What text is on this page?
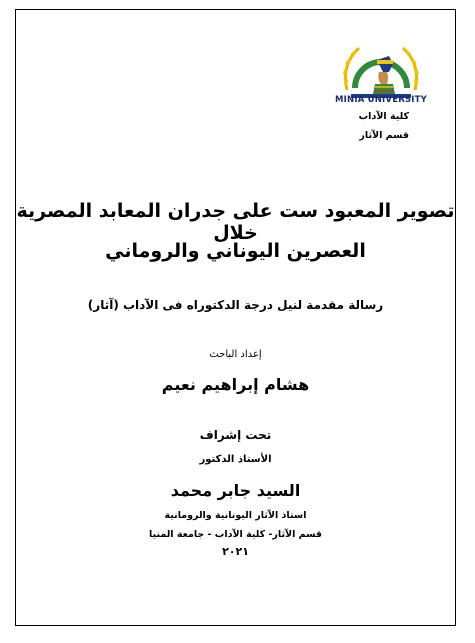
MINIA UNIVERSITY
كلية الآداب
قسم الآثار
تصوير المعبود ست على جدران المعابد المصرية خلال
العصرين اليوناني والروماني
رسالة مقدمة لنيل درجة الدكتوراه فى الآداب (آثار)
إعداد الباحث
هشام إبراهيم نعيم
تحت إشراف
الأستاذ الدكتور
السيد جابر محمد
استاذ الآثار اليونانية والرومانية
قسم الآثار- كلية الآداب - جامعة المنيا
٢٠٢١
